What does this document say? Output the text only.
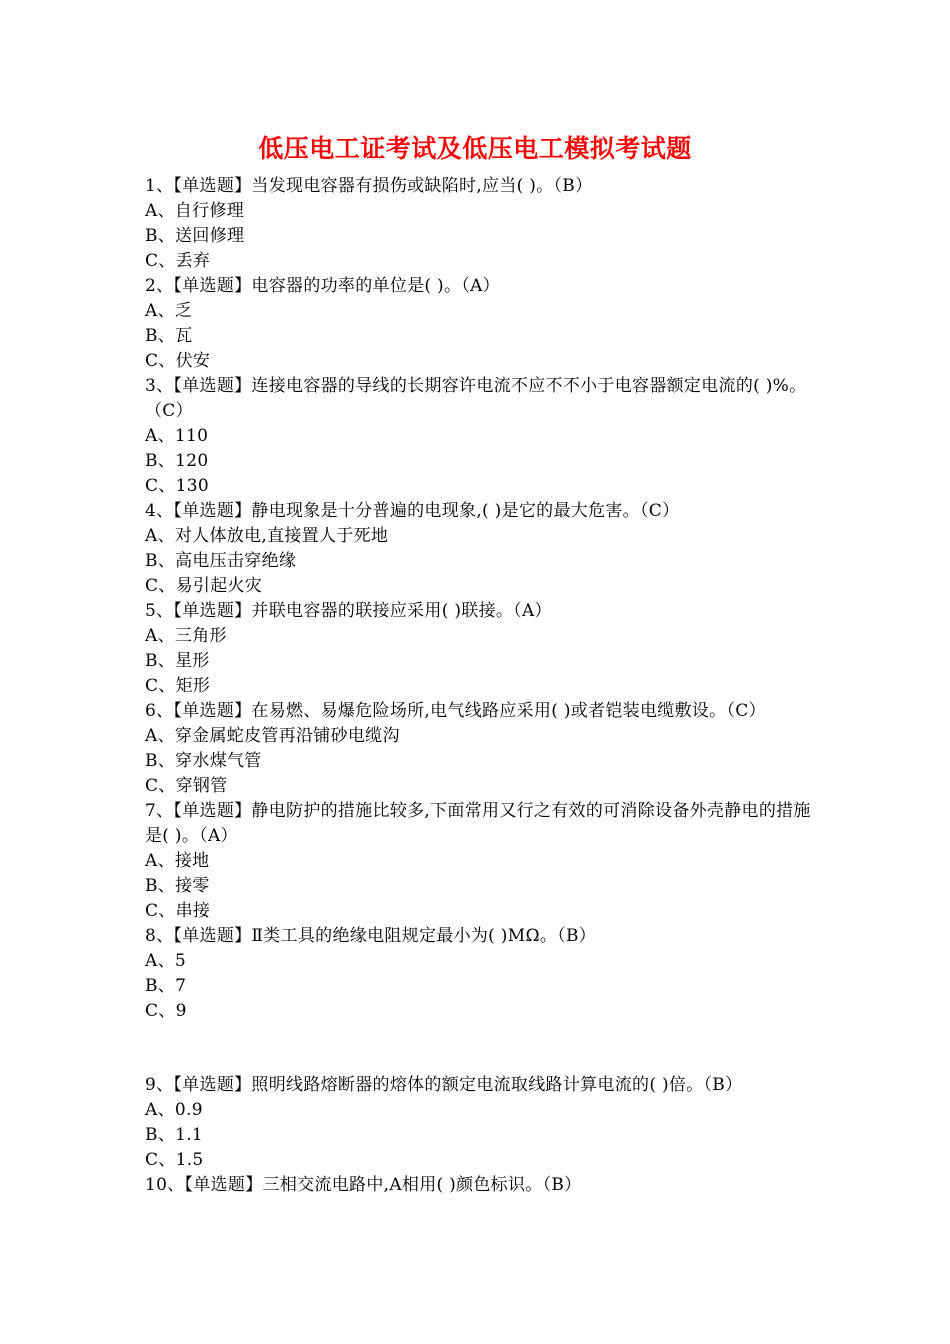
低压电工证考试及低压电工模拟考试题
1、【单选题】当发现电容器有损伤或缺陷时,应当( )。（B）
A、自行修理
B、送回修理
C、丢弃
2、【单选题】电容器的功率的单位是( )。（A）
A、乏
B、瓦
C、伏安
3、【单选题】连接电容器的导线的长期容许电流不应不不小于电容器额定电流的( )%。（C）
A、110
B、120
C、130
4、【单选题】静电现象是十分普遍的电现象,( )是它的最大危害。（C）
A、对人体放电,直接置人于死地
B、高电压击穿绝缘
C、易引起火灾
5、【单选题】并联电容器的联接应采用( )联接。（A）
A、三角形
B、星形
C、矩形
6、【单选题】在易燃、易爆危险场所,电气线路应采用( )或者铠装电缆敷设。（C）
A、穿金属蛇皮管再沿铺砂电缆沟
B、穿水煤气管
C、穿钢管
7、【单选题】静电防护的措施比较多,下面常用又行之有效的可消除设备外壳静电的措施是( )。（A）
A、接地
B、接零
C、串接
8、【单选题】Ⅱ类工具的绝缘电阻规定最小为( )MΩ。（B）
A、5
B、7
C、9
9、【单选题】照明线路熔断器的熔体的额定电流取线路计算电流的( )倍。（B）
A、0.9
B、1.1
C、1.5
10、【单选题】三相交流电路中,A相用( )颜色标识。（B）
